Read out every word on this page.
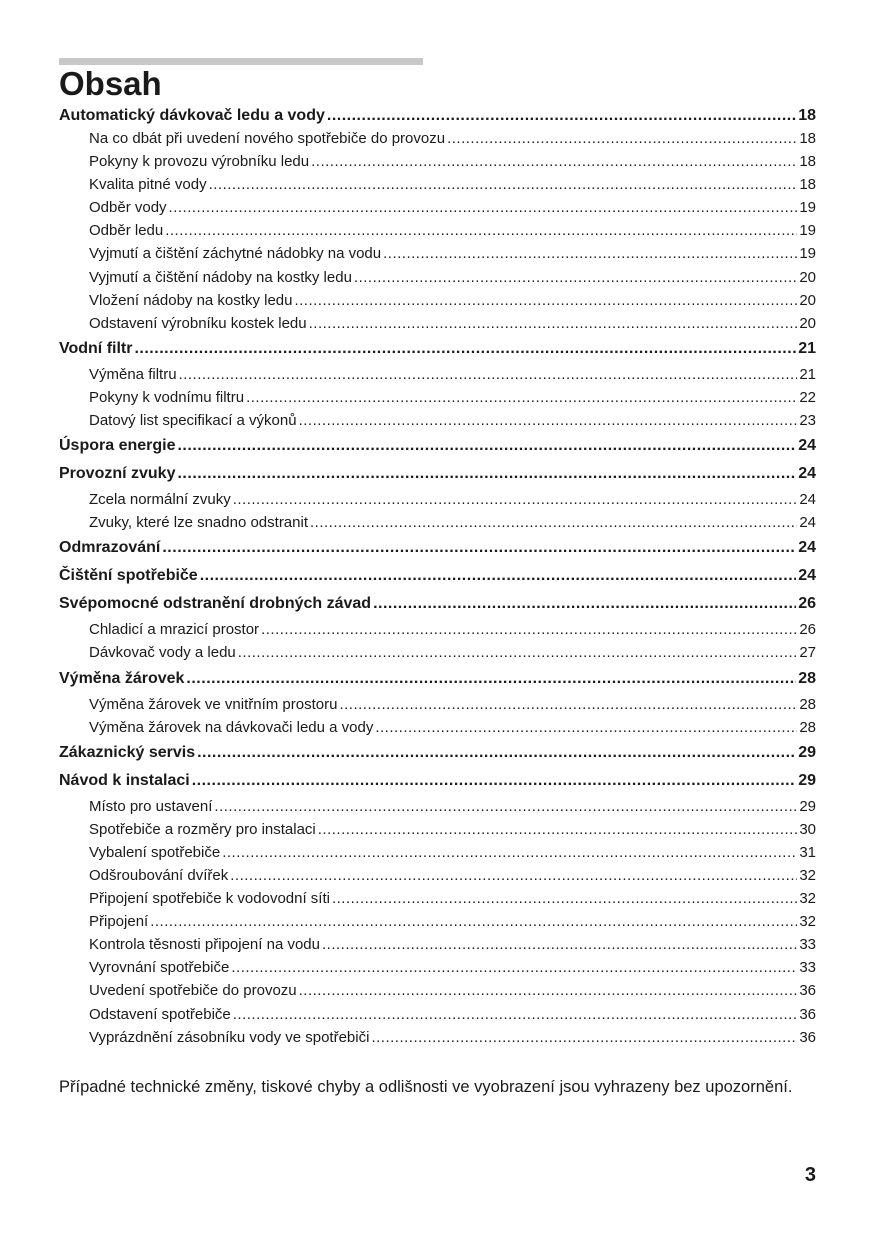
Obsah
Automatický dávkovač ledu a vody .....	18
Na co dbát při uvedení nového spotřebiče do provozu .....	18
Pokyny k provozu výrobníku ledu .....	18
Kvalita pitné vody .....	18
Odběr vody .....	19
Odběr ledu .....	19
Vyjmutí a čištění záchytné nádobky na vodu .....	19
Vyjmutí a čištění nádoby na kostky ledu .....	20
Vložení nádoby na kostky ledu .....	20
Odstavení výrobníku kostek ledu .....	20
Vodní filtr .....	21
Výměna filtru .....	21
Pokyny k vodnímu filtru .....	22
Datový list specifikací a výkonů .....	23
Úspora energie .....	24
Provozní zvuky .....	24
Zcela normální zvuky .....	24
Zvuky, které lze snadno odstranit .....	24
Odmrazování .....	24
Čištění spotřebiče .....	24
Svépomocné odstranění drobných závad .....	26
Chladicí a mrazicí prostor .....	26
Dávkovač vody a ledu .....	27
Výměna žárovek .....	28
Výměna žárovek ve vnitřním prostoru .....	28
Výměna žárovek na dávkovači ledu a vody .....	28
Zákaznický servis .....	29
Návod k instalaci .....	29
Místo pro ustavení .....	29
Spotřebiče a rozměry pro instalaci .....	30
Vybalení spotřebiče .....	31
Odšroubování dvířek .....	32
Připojení spotřebiče k vodovodní síti .....	32
Připojení .....	32
Kontrola těsnosti připojení na vodu .....	33
Vyrovnání spotřebiče .....	33
Uvedení spotřebiče do provozu .....	36
Odstavení spotřebiče .....	36
Vyprázdnění zásobníku vody ve spotřebiči .....	36

Případné technické změny, tiskové chyby a odlišnosti ve vyobrazení jsou vyhrazeny bez upozornění.

3
